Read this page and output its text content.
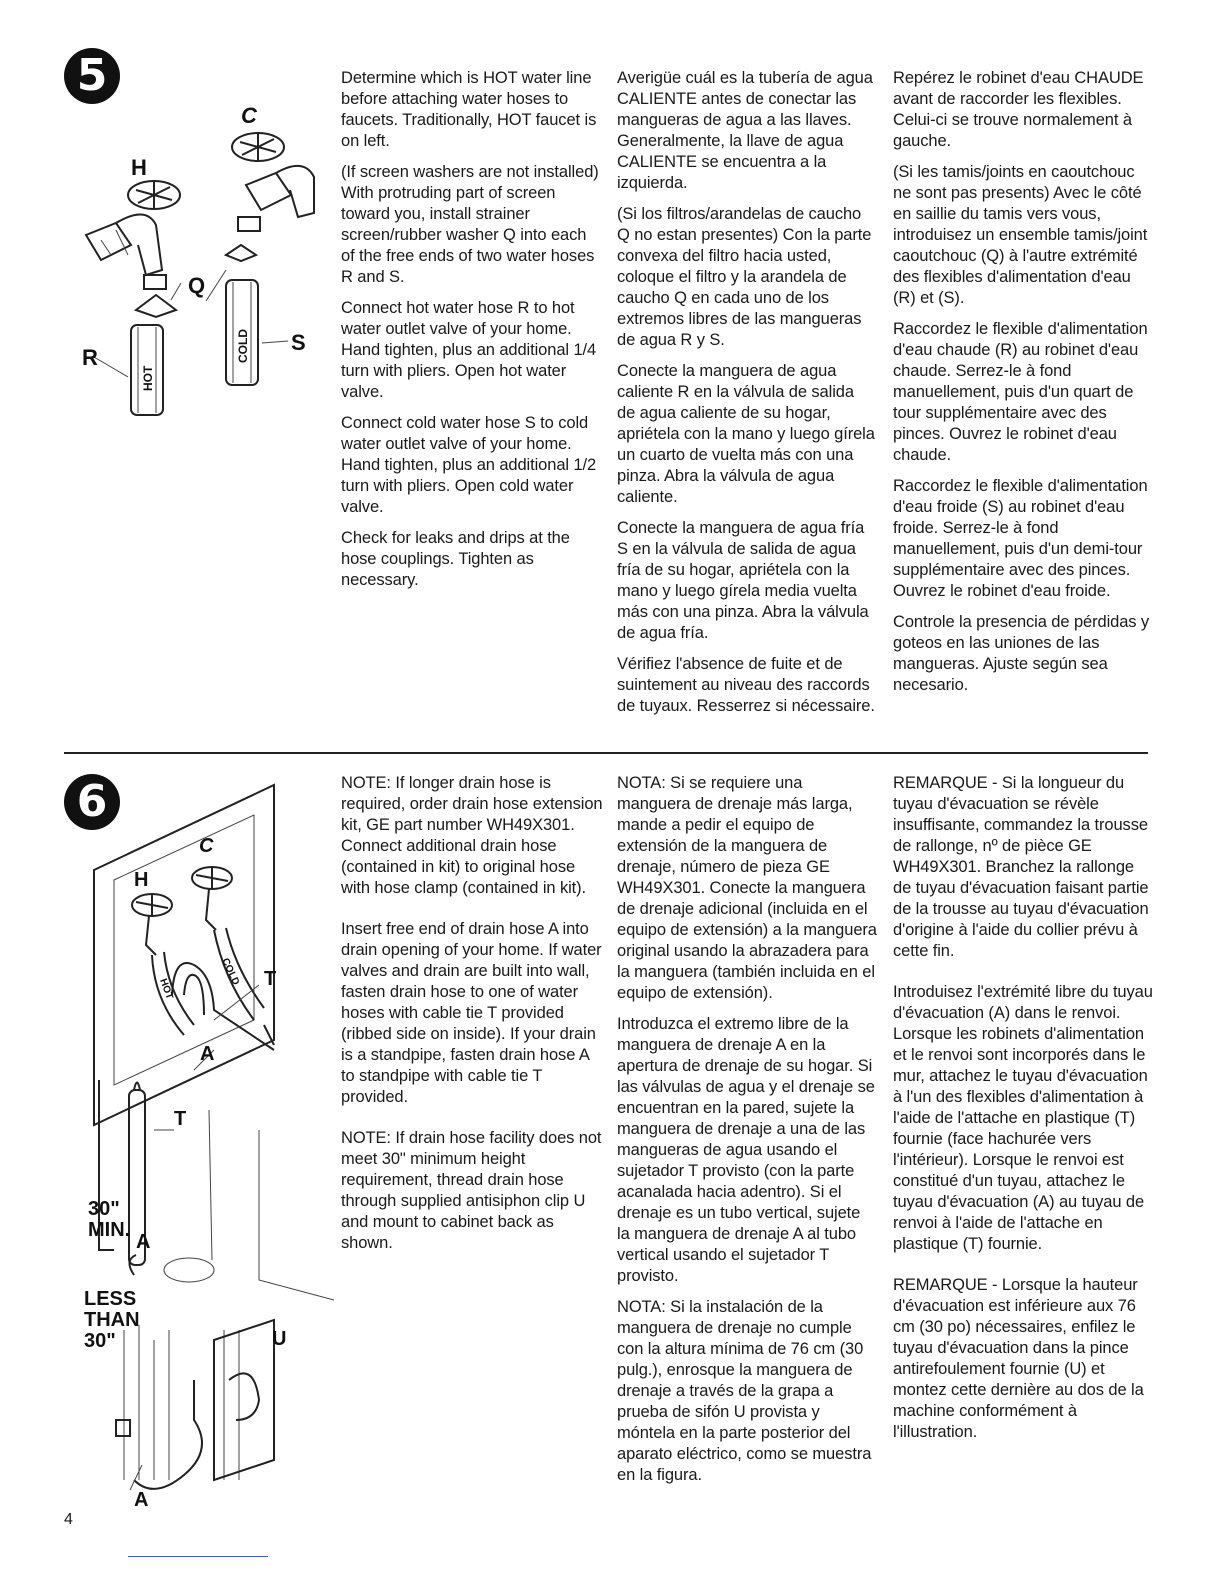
5
H
C
Q
R
S
HOT
COLD

Determine which is HOT water line before attaching water hoses to faucets. Traditionally, HOT faucet is on left.

(If screen washers are not installed) With protruding part of screen toward you, install strainer screen/rubber washer Q into each of the free ends of two water hoses R and S.

Connect hot water hose R to hot water outlet valve of your home. Hand tighten, plus an additional 1/4 turn with pliers. Open hot water valve.

Connect cold water hose S to cold water outlet valve of your home. Hand tighten, plus an additional 1/2 turn with pliers. Open cold water valve.

Check for leaks and drips at the hose couplings. Tighten as necessary.

Averigüe cuál es la tubería de agua CALIENTE antes de conectar las mangueras de agua a las llaves. Generalmente, la llave de agua CALIENTE se encuentra a la izquierda.

(Si los filtros/arandelas de caucho Q no estan presentes) Con la parte convexa del filtro hacia usted, coloque el filtro y la arandela de caucho Q en cada uno de los extremos libres de las mangueras de agua R y S.

Conecte la manguera de agua caliente R en la válvula de salida de agua caliente de su hogar, apriétela con la mano y luego gírela un cuarto de vuelta más con una pinza. Abra la válvula de agua caliente.

Conecte la manguera de agua fría S en la válvula de salida de agua fría de su hogar, apriétela con la mano y luego gírela media vuelta más con una pinza. Abra la válvula de agua fría.

Vérifiez l'absence de fuite et de suintement au niveau des raccords de tuyaux. Resserrez si nécessaire.

Repérez le robinet d'eau CHAUDE avant de raccorder les flexibles. Celui-ci se trouve normalement à gauche.

(Si les tamis/joints en caoutchouc ne sont pas presents) Avec le côté en saillie du tamis vers vous, introduisez un ensemble tamis/joint caoutchouc (Q) à l'autre extrémité des flexibles d'alimentation d'eau (R) et (S).

Raccordez le flexible d'alimentation d'eau chaude (R) au robinet d'eau chaude. Serrez-le à fond manuellement, puis d'un quart de tour supplémentaire avec des pinces. Ouvrez le robinet d'eau chaude.

Raccordez le flexible d'alimentation d'eau froide (S) au robinet d'eau froide. Serrez-le à fond manuellement, puis d'un demi-tour supplémentaire avec des pinces. Ouvrez le robinet d'eau froide.

Controle la presencia de pérdidas y goteos en las uniones de las mangueras. Ajuste según sea necesario.

6
H
C
T
A
T
A
U
A
HOT
COLD
30"
MIN.
LESS
THAN
30"

NOTE: If longer drain hose is required, order drain hose extension kit, GE part number WH49X301. Connect additional drain hose (contained in kit) to original hose with hose clamp (contained in kit).

Insert free end of drain hose A into drain opening of your home. If water valves and drain are built into wall, fasten drain hose to one of water hoses with cable tie T provided (ribbed side on inside). If your drain is a standpipe, fasten drain hose A to standpipe with cable tie T provided.

NOTE: If drain hose facility does not meet 30" minimum height requirement, thread drain hose through supplied antisiphon clip U and mount to cabinet back as shown.

NOTA: Si se requiere una manguera de drenaje más larga, mande a pedir el equipo de extensión de la manguera de drenaje, número de pieza GE WH49X301. Conecte la manguera de drenaje adicional (incluida en el equipo de extensión) a la manguera original usando la abrazadera para la manguera (también incluida en el equipo de extensión).

Introduzca el extremo libre de la manguera de drenaje A en la apertura de drenaje de su hogar. Si las válvulas de agua y el drenaje se encuentran en la pared, sujete la manguera de drenaje a una de las mangueras de agua usando el sujetador T provisto (con la parte acanalada hacia adentro). Si el drenaje es un tubo vertical, sujete la manguera de drenaje A al tubo vertical usando el sujetador T provisto.

NOTA: Si la instalación de la manguera de drenaje no cumple con la altura mínima de 76 cm (30 pulg.), enrosque la manguera de drenaje a través de la grapa a prueba de sifón U provista y móntela en la parte posterior del aparato eléctrico, como se muestra en la figura.

REMARQUE - Si la longueur du tuyau d'évacuation se révèle insuffisante, commandez la trousse de rallonge, nº de pièce GE WH49X301. Branchez la rallonge de tuyau d'évacuation faisant partie de la trousse au tuyau d'évacuation d'origine à l'aide du collier prévu à cette fin.

Introduisez l'extrémité libre du tuyau d'évacuation (A) dans le renvoi. Lorsque les robinets d'alimentation et le renvoi sont incorporés dans le mur, attachez le tuyau d'évacuation à l'un des flexibles d'alimentation à l'aide de l'attache en plastique (T) fournie (face hachurée vers l'intérieur). Lorsque le renvoi est constitué d'un tuyau, attachez le tuyau d'évacuation (A) au tuyau de renvoi à l'aide de l'attache en plastique (T) fournie.

REMARQUE - Lorsque la hauteur d'évacuation est inférieure aux 76 cm (30 po) nécessaires, enfilez le tuyau d'évacuation dans la pince antirefoulement fournie (U) et montez cette dernière au dos de la machine conformément à l'illustration.

4
